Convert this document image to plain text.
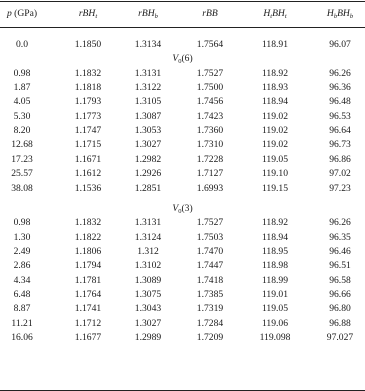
p (GPa)	rBH$_t$	rBH$_b$	rBB	$H_tBH_t$	$H_bBH_b$
0.0	1.1850	1.3134	1.7564	118.91	96.07
$V_0(6)$
0.98	1.1832	1.3131	1.7527	118.92	96.26
1.87	1.1818	1.3122	1.7500	118.93	96.36
4.05	1.1793	1.3105	1.7456	118.94	96.48
5.30	1.1773	1.3087	1.7423	119.02	96.53
8.20	1.1747	1.3053	1.7360	119.02	96.64
12.68	1.1715	1.3027	1.7310	119.02	96.73
17.23	1.1671	1.2982	1.7228	119.05	96.86
25.57	1.1612	1.2926	1.7127	119.10	97.02
38.08	1.1536	1.2851	1.6993	119.15	97.23
$V_0(3)$
0.98	1.1832	1.3131	1.7527	118.92	96.26
1.30	1.1822	1.3124	1.7503	118.94	96.35
2.49	1.1806	1.312	1.7470	118.95	96.46
2.86	1.1794	1.3102	1.7447	118.98	96.51
4.34	1.1781	1.3089	1.7418	118.99	96.58
6.48	1.1764	1.3075	1.7385	119.01	96.66
8.87	1.1741	1.3043	1.7319	119.05	96.80
11.21	1.1712	1.3027	1.7284	119.06	96.88
16.06	1.1677	1.2989	1.7209	119.098	97.027
